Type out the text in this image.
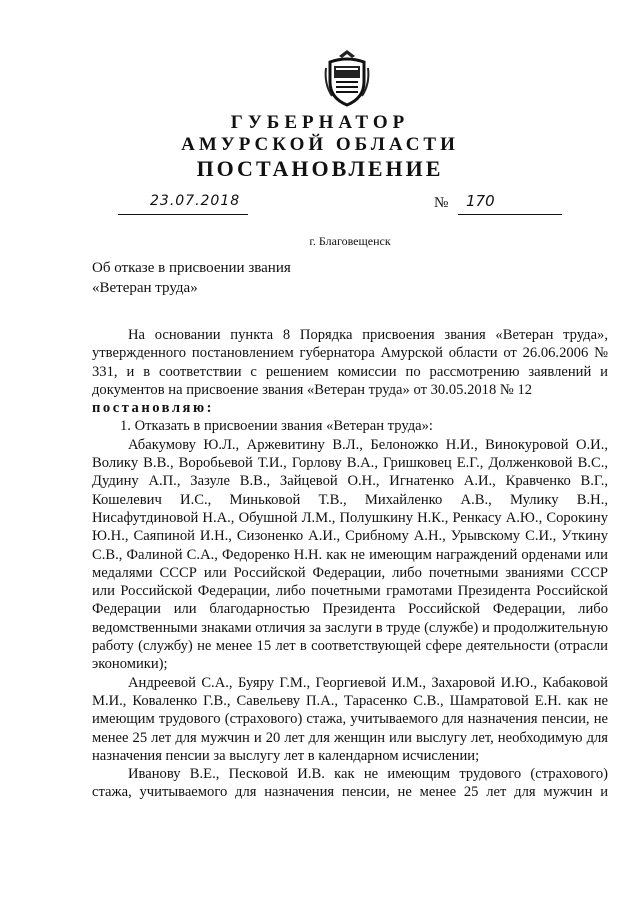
ГУБЕРНАТОР
АМУРСКОЙ ОБЛАСТИ
ПОСТАНОВЛЕНИЕ
23.07.2018	№ 170
г. Благовещенск
Об отказе в присвоении звания
«Ветеран труда»

На основании пункта 8 Порядка присвоения звания «Ветеран труда», утвержденного постановлением губернатора Амурской области от 26.06.2006 № 331, и в соответствии с решением комиссии по рассмотрению заявлений и документов на присвоение звания «Ветеран труда» от 30.05.2018 № 12

постановляю:

1. Отказать в присвоении звания «Ветеран труда»:

Абакумову Ю.Л., Аржевитину В.Л., Белоножко Н.И., Винокуровой О.И., Волику В.В., Воробьевой Т.И., Горлову В.А., Гришковец Е.Г., Долженковой В.С., Дудину А.П., Зазуле В.В., Зайцевой О.Н., Игнатенко А.И., Кравченко В.Г., Кошелевич И.С., Миньковой Т.В., Михайленко А.В., Мулику В.Н., Нисафутдиновой Н.А., Обушной Л.М., Полушкину Н.К., Ренкасу А.Ю., Сорокину Ю.Н., Саяпиной И.Н., Сизоненко А.И., Срибному А.Н., Урывскому С.И., Уткину С.В., Фалиной С.А., Федоренко Н.Н. как не имеющим награждений орденами или медалями СССР или Российской Федерации, либо почетными званиями СССР или Российской Федерации, либо почетными грамотами Президента Российской Федерации или благодарностью Президента Российской Федерации, либо ведомственными знаками отличия за заслуги в труде (службе) и продолжительную работу (службу) не менее 15 лет в соответствующей сфере деятельности (отрасли экономики);

Андреевой С.А., Буяру Г.М., Георгиевой И.М., Захаровой И.Ю., Кабаковой М.И., Коваленко Г.В., Савельеву П.А., Тарасенко С.В., Шамратовой Е.Н. как не имеющим трудового (страхового) стажа, учитываемого для назначения пенсии, не менее 25 лет для мужчин и 20 лет для женщин или выслугу лет, необходимую для назначения пенсии за выслугу лет в календарном исчислении;

Иванову В.Е., Песковой И.В. как не имеющим трудового (страхового)

стажа, учитываемого для назначения пенсии, не менее 25 лет для мужчин и
